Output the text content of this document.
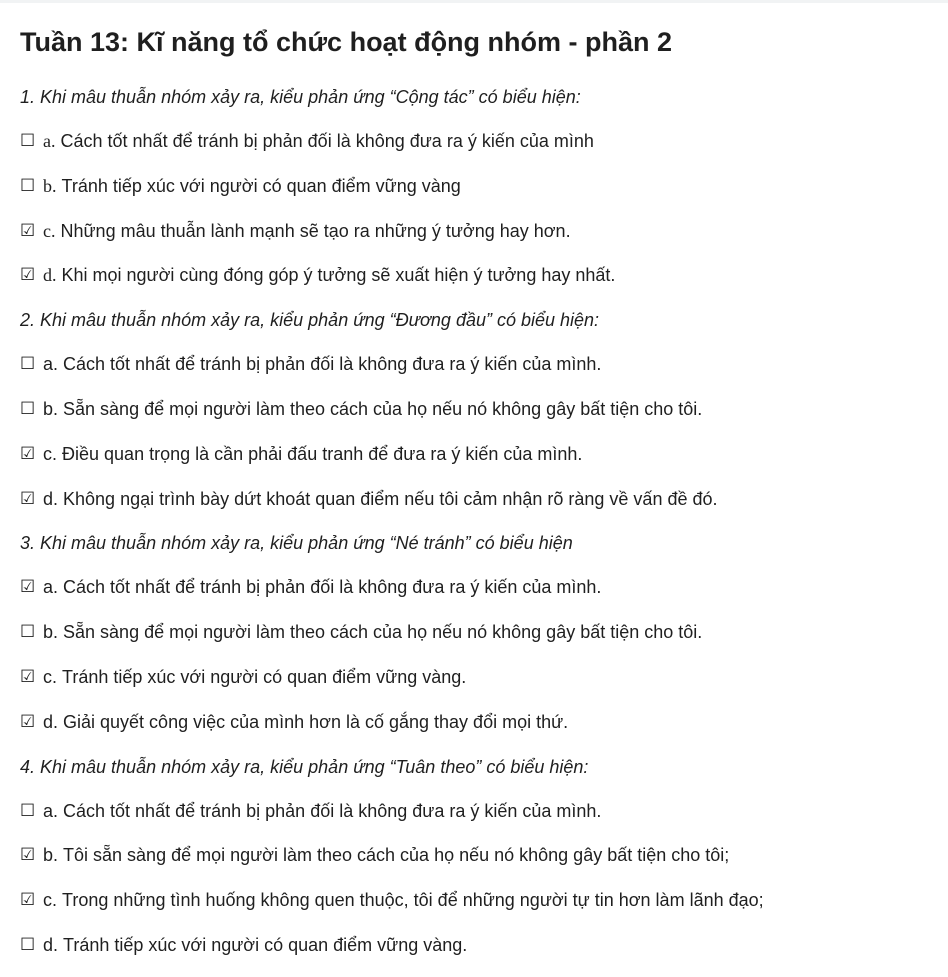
Tuần 13: Kĩ năng tổ chức hoạt động nhóm - phần 2
1. Khi mâu thuẫn nhóm xảy ra, kiểu phản ứng “Cộng tác” có biểu hiện:
☐ a. Cách tốt nhất để tránh bị phản đối là không đưa ra ý kiến của mình
☐ b. Tránh tiếp xúc với người có quan điểm vững vàng
☑ c. Những mâu thuẫn lành mạnh sẽ tạo ra những ý tưởng hay hơn.
☑ d. Khi mọi người cùng đóng góp ý tưởng sẽ xuất hiện ý tưởng hay nhất.
2. Khi mâu thuẫn nhóm xảy ra, kiểu phản ứng “Đương đầu” có biểu hiện:
☐ a. Cách tốt nhất để tránh bị phản đối là không đưa ra ý kiến của mình.
☐ b. Sẵn sàng để mọi người làm theo cách của họ nếu nó không gây bất tiện cho tôi.
☑ c. Điều quan trọng là cần phải đấu tranh để đưa ra ý kiến của mình.
☑ d. Không ngại trình bày dứt khoát quan điểm nếu tôi cảm nhận rõ ràng về vấn đề đó.
3. Khi mâu thuẫn nhóm xảy ra, kiểu phản ứng “Né tránh” có biểu hiện
☑ a. Cách tốt nhất để tránh bị phản đối là không đưa ra ý kiến của mình.
☐ b. Sẵn sàng để mọi người làm theo cách của họ nếu nó không gây bất tiện cho tôi.
☑ c. Tránh tiếp xúc với người có quan điểm vững vàng.
☑ d. Giải quyết công việc của mình hơn là cố gắng thay đổi mọi thứ.
4. Khi mâu thuẫn nhóm xảy ra, kiểu phản ứng “Tuân theo” có biểu hiện:
☐ a. Cách tốt nhất để tránh bị phản đối là không đưa ra ý kiến của mình.
☑ b. Tôi sẵn sàng để mọi người làm theo cách của họ nếu nó không gây bất tiện cho tôi;
☑ c. Trong những tình huống không quen thuộc, tôi để những người tự tin hơn làm lãnh đạo;
☐ d. Tránh tiếp xúc với người có quan điểm vững vàng.
